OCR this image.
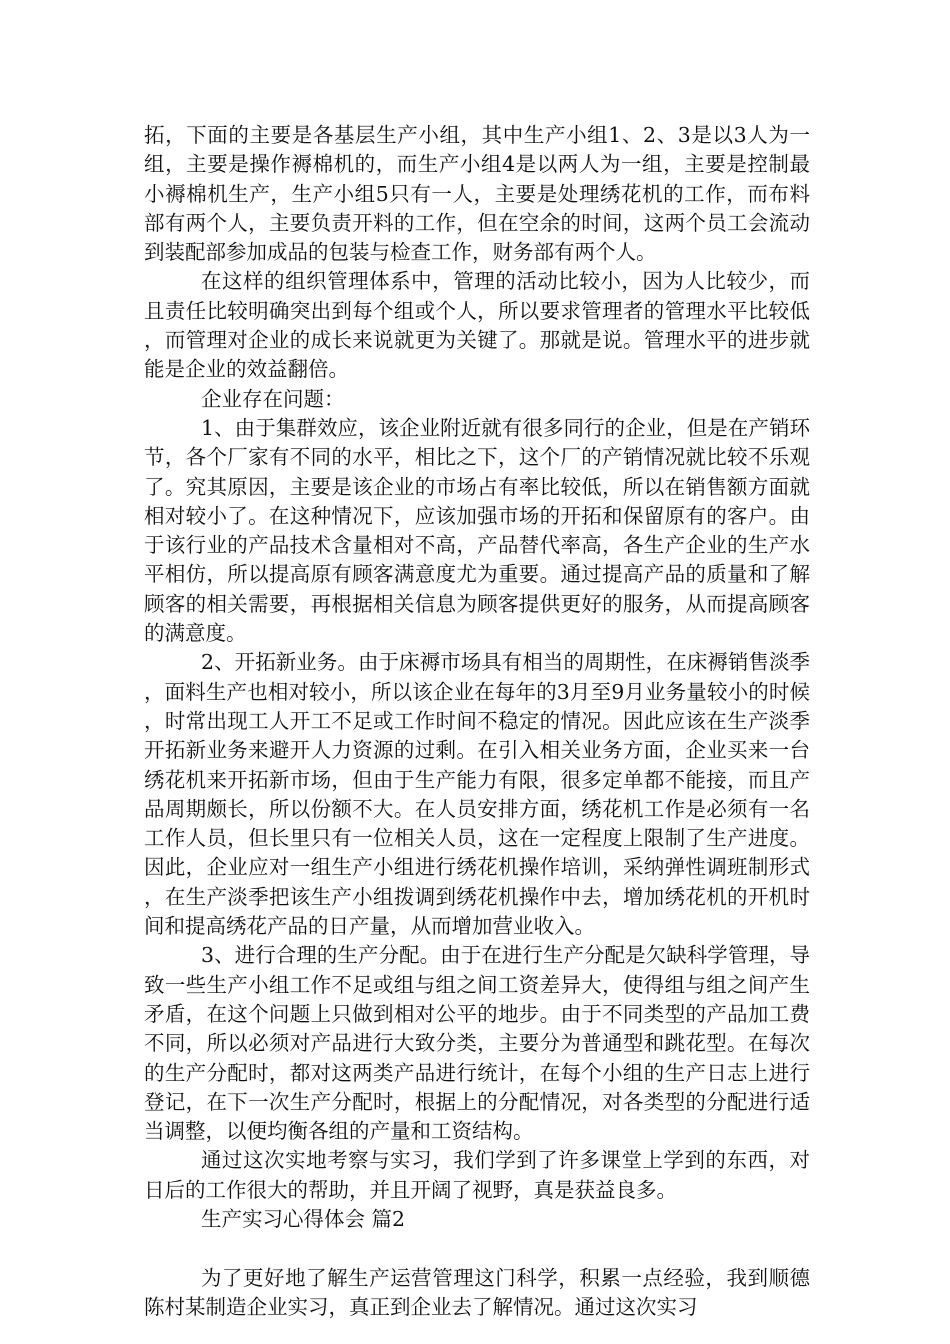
拓，下面的主要是各基层生产小组，其中生产小组1、2、3是以3人为一组，主要是操作褥棉机的，而生产小组4是以两人为一组，主要是控制最小褥棉机生产，生产小组5只有一人，主要是处理绣花机的工作，而布料部有两个人，主要负责开料的工作，但在空余的时间，这两个员工会流动到装配部参加成品的包装与检查工作，财务部有两个人。

在这样的组织管理体系中，管理的活动比较小，因为人比较少，而且责任比较明确突出到每个组或个人，所以要求管理者的管理水平比较低，而管理对企业的成长来说就更为关键了。那就是说。管理水平的进步就能是企业的效益翻倍。

企业存在问题：

1、由于集群效应，该企业附近就有很多同行的企业，但是在产销环节，各个厂家有不同的水平，相比之下，这个厂的产销情况就比较不乐观了。究其原因，主要是该企业的市场占有率比较低，所以在销售额方面就相对较小了。在这种情况下，应该加强市场的开拓和保留原有的客户。由于该行业的产品技术含量相对不高，产品替代率高，各生产企业的生产水平相仿，所以提高原有顾客满意度尤为重要。通过提高产品的质量和了解顾客的相关需要，再根据相关信息为顾客提供更好的服务，从而提高顾客的满意度。

2、开拓新业务。由于床褥市场具有相当的周期性，在床褥销售淡季，面料生产也相对较小，所以该企业在每年的3月至9月业务量较小的时候，时常出现工人开工不足或工作时间不稳定的情况。因此应该在生产淡季开拓新业务来避开人力资源的过剩。在引入相关业务方面，企业买来一台绣花机来开拓新市场，但由于生产能力有限，很多定单都不能接，而且产品周期颇长，所以份额不大。在人员安排方面，绣花机工作是必须有一名工作人员，但长里只有一位相关人员，这在一定程度上限制了生产进度。因此，企业应对一组生产小组进行绣花机操作培训，采纳弹性调班制形式，在生产淡季把该生产小组拨调到绣花机操作中去，增加绣花机的开机时间和提高绣花产品的日产量，从而增加营业收入。

3、进行合理的生产分配。由于在进行生产分配是欠缺科学管理，导致一些生产小组工作不足或组与组之间工资差异大，使得组与组之间产生矛盾，在这个问题上只做到相对公平的地步。由于不同类型的产品加工费不同，所以必须对产品进行大致分类，主要分为普通型和跳花型。在每次的生产分配时，都对这两类产品进行统计，在每个小组的生产日志上进行登记，在下一次生产分配时，根据上的分配情况，对各类型的分配进行适当调整，以便均衡各组的产量和工资结构。

通过这次实地考察与实习，我们学到了许多课堂上学到的东西，对日后的工作很大的帮助，并且开阔了视野，真是获益良多。

生产实习心得体会 篇2

为了更好地了解生产运营管理这门科学，积累一点经验，我到顺德陈村某制造企业实习，真正到企业去了解情况。通过这次实习
